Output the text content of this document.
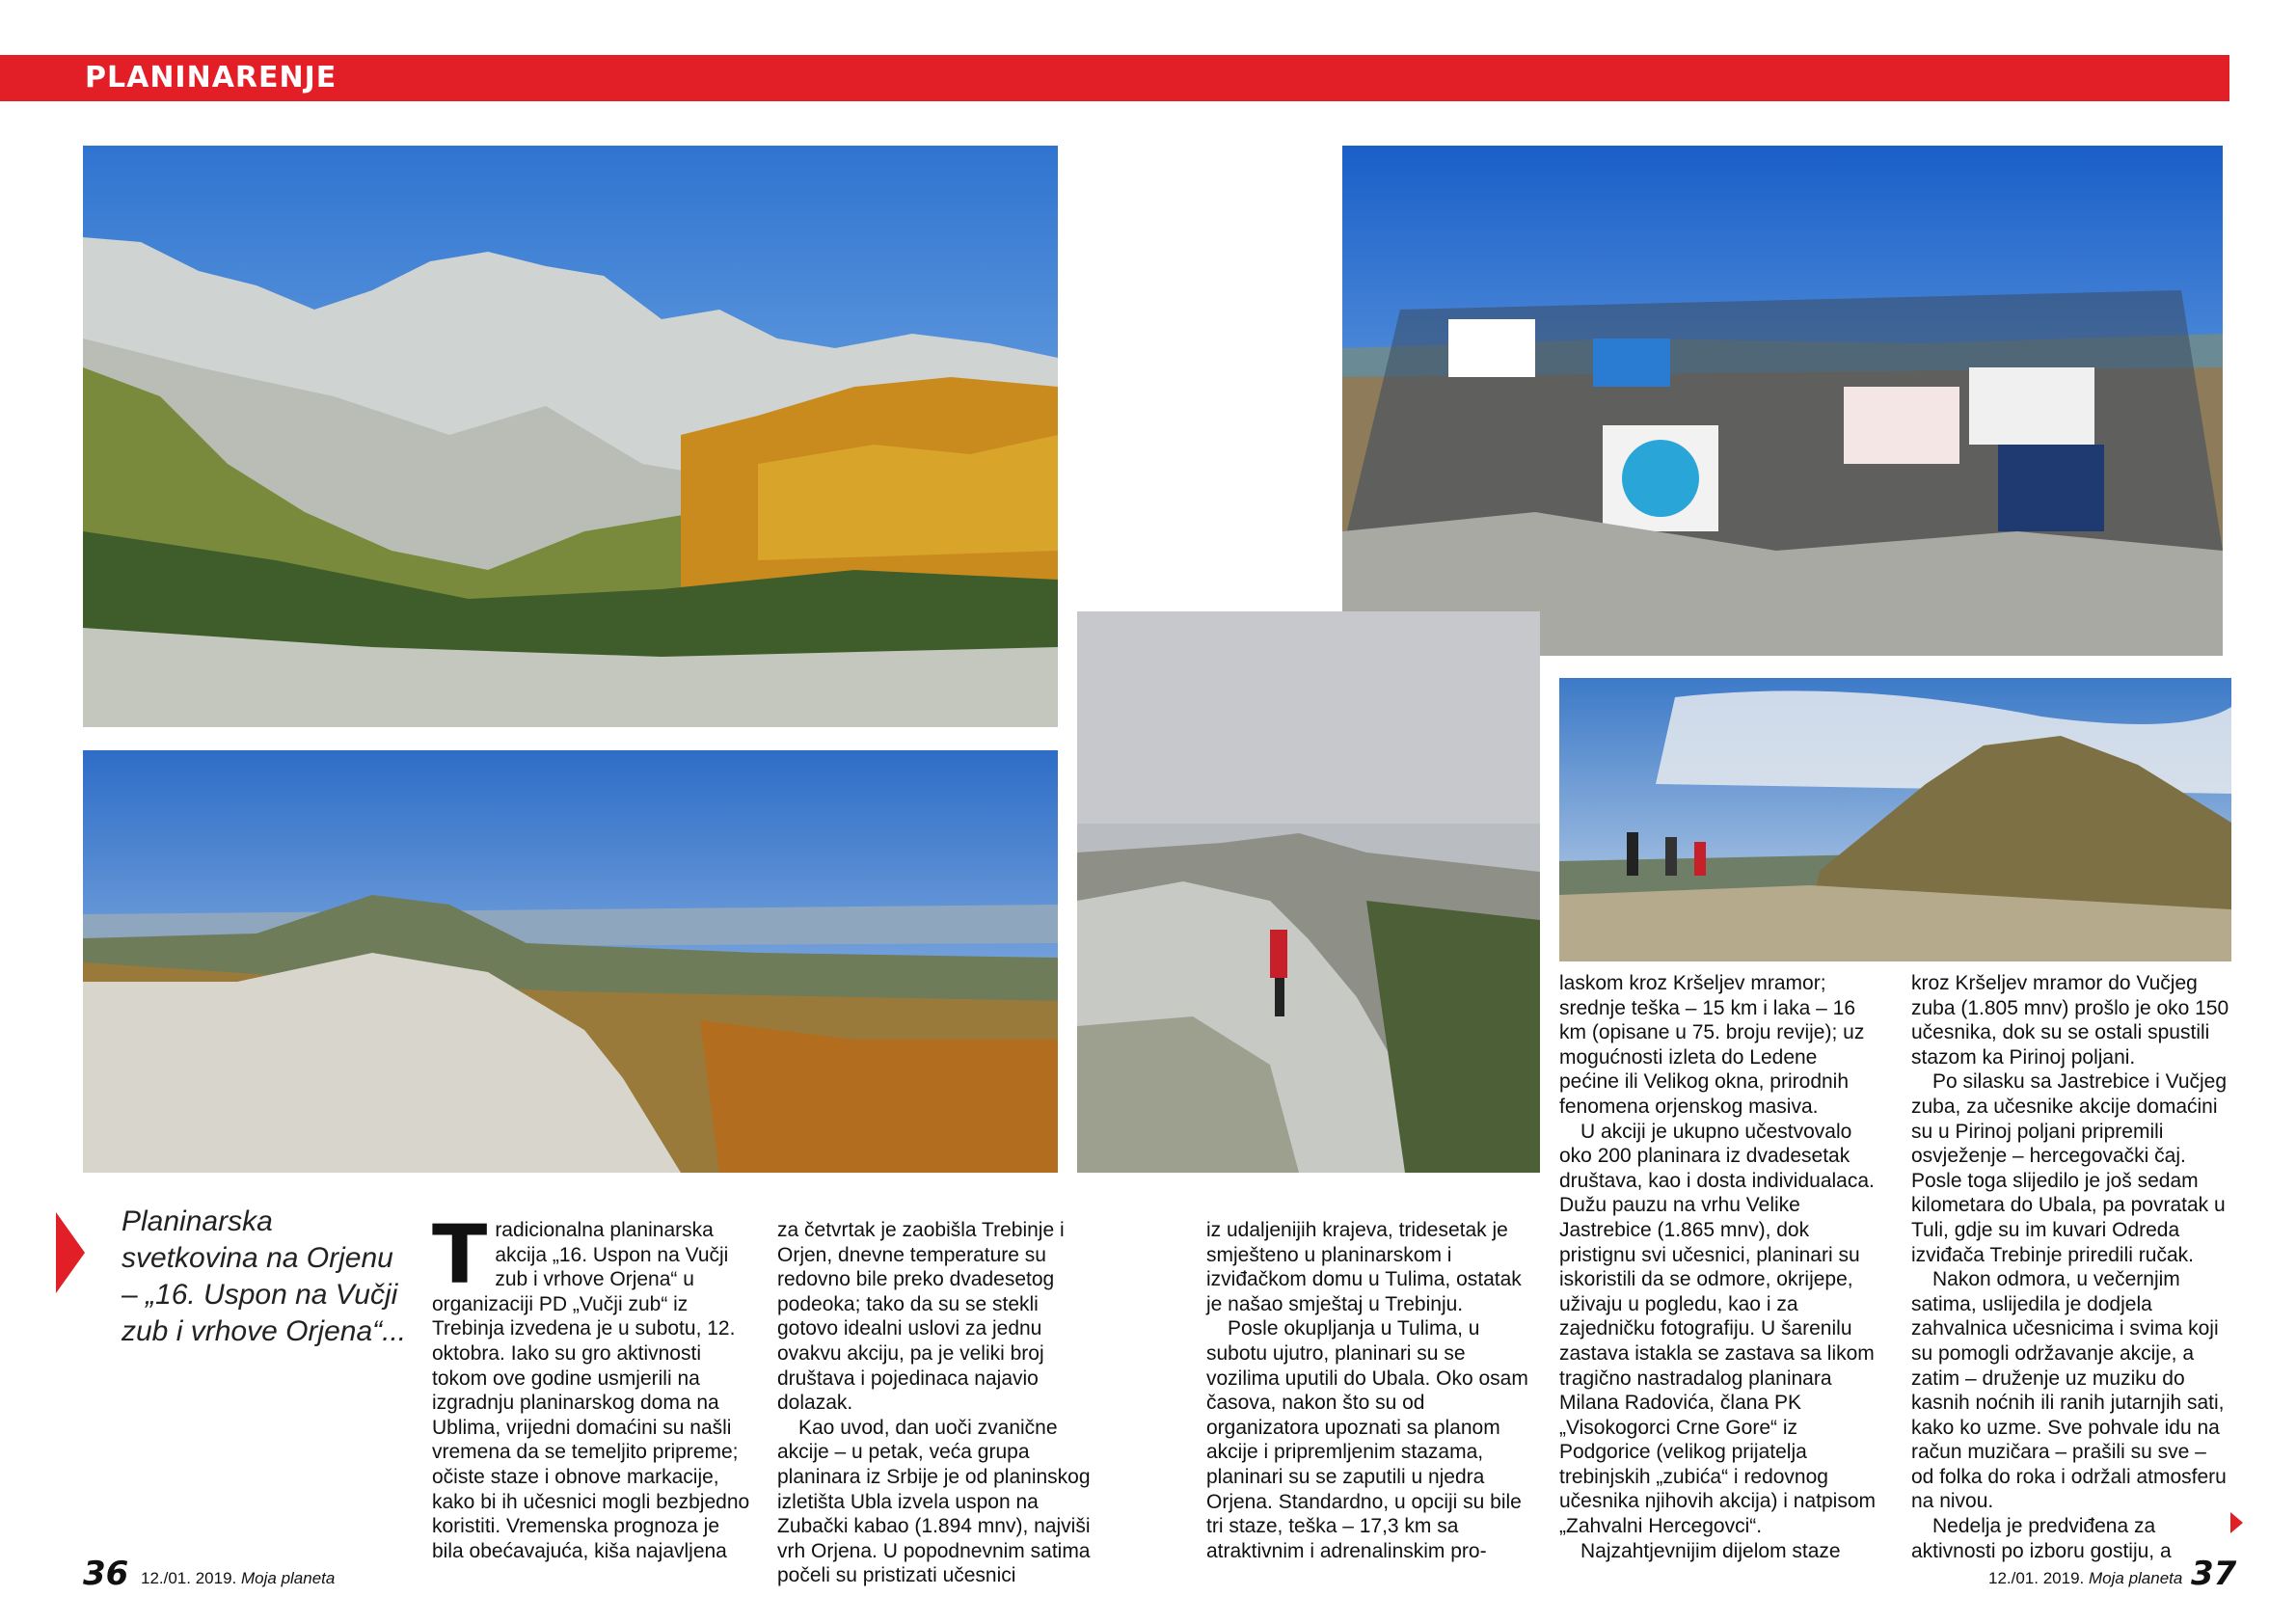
PLANINARENJE
Planinarska svetkovina na Orjenu – „16. Uspon na Vučji zub i vrhove Orjena“...
T radicionalna planinarska akcija „16. Uspon na Vučji zub i vrhove Orjena“ u organizaciji PD „Vučji zub“ iz Trebinja izvedena je u subotu, 12. oktobra. Iako su gro aktivnosti tokom ove godine usmjerili na izgradnju planinarskog doma na Ublima, vrijedni domaćini su našli vremena da se temeljito pripreme; očiste staze i obnove markacije, kako bi ih učesnici mogli bezbjedno koristiti. Vremenska prognoza je bila obećavajuća, kiša najavljena

za četvrtak je zaobišla Trebinje i Orjen, dnevne temperature su redovno bile preko dvadesetog podeoka; tako da su se stekli gotovo idealni uslovi za jednu ovakvu akciju, pa je veliki broj društava i pojedinaca najavio dolazak.

Kao uvod, dan uoči zvanične akcije – u petak, veća grupa planinara iz Srbije je od planinskog izletišta Ubla izvela uspon na Zubački kabao (1.894 mnv), najviši vrh Orjena. U popodnevnim satima počeli su pristizati učesnici

iz udaljenijih krajeva, tridesetak je smješteno u planinarskom i izviđačkom domu u Tulima, ostatak je našao smještaj u Trebinju.

Posle okupljanja u Tulima, u subotu ujutro, planinari su se vozilima uputili do Ubala. Oko osam časova, nakon što su od organizatora upoznati sa planom akcije i pripremljenim stazama, planinari su se zaputili u njedra Orjena. Standardno, u opciji su bile tri staze, teška – 17,3 km sa atraktivnim i adrenalinskim pro-

laskom kroz Kršeljev mramor; srednje teška – 15 km i laka – 16 km (opisane u 75. broju revije); uz mogućnosti izleta do Ledene pećine ili Velikog okna, prirodnih fenomena orjenskog masiva.

U akciji je ukupno učestvovalo oko 200 planinara iz dvadesetak društava, kao i dosta individualaca. Dužu pauzu na vrhu Velike Jastrebice (1.865 mnv), dok pristignu svi učesnici, planinari su iskoristili da se odmore, okrijepe, uživaju u pogledu, kao i za zajedničku fotografiju. U šarenilu zastava istakla se zastava sa likom tragično nastradalog planinara Milana Radovića, člana PK „Visokogorci Crne Gore“ iz Podgorice (velikog prijatelja trebinjskih „zubića“ i redovnog učesnika njihovih akcija) i natpisom „Zahvalni Hercegovci“.

Najzahtjevnijim dijelom staze

kroz Kršeljev mramor do Vučjeg zuba (1.805 mnv) prošlo je oko 150 učesnika, dok su se ostali spustili stazom ka Pirinoj poljani.

Po silasku sa Jastrebice i Vučjeg zuba, za učesnike akcije domaćini su u Pirinoj poljani pripremili osvježenje – hercegovački čaj. Posle toga slijedilo je još sedam kilometara do Ubala, pa povratak u Tuli, gdje su im kuvari Odreda izviđača Trebinje priredili ručak.

Nakon odmora, u večernjim satima, uslijedila je dodjela zahvalnica učesnicima i svima koji su pomogli održavanje akcije, a zatim – druženje uz muziku do kasnih noćnih ili ranih jutarnjih sati, kako ko uzme. Sve pohvale idu na račun muzičara – prašili su sve – od folka do roka i održali atmosferu na nivou.

Nedelja je predviđena za aktivnosti po izboru gostiju, a

36 12./01. 2019. Moja planeta	12./01. 2019. Moja planeta 37
